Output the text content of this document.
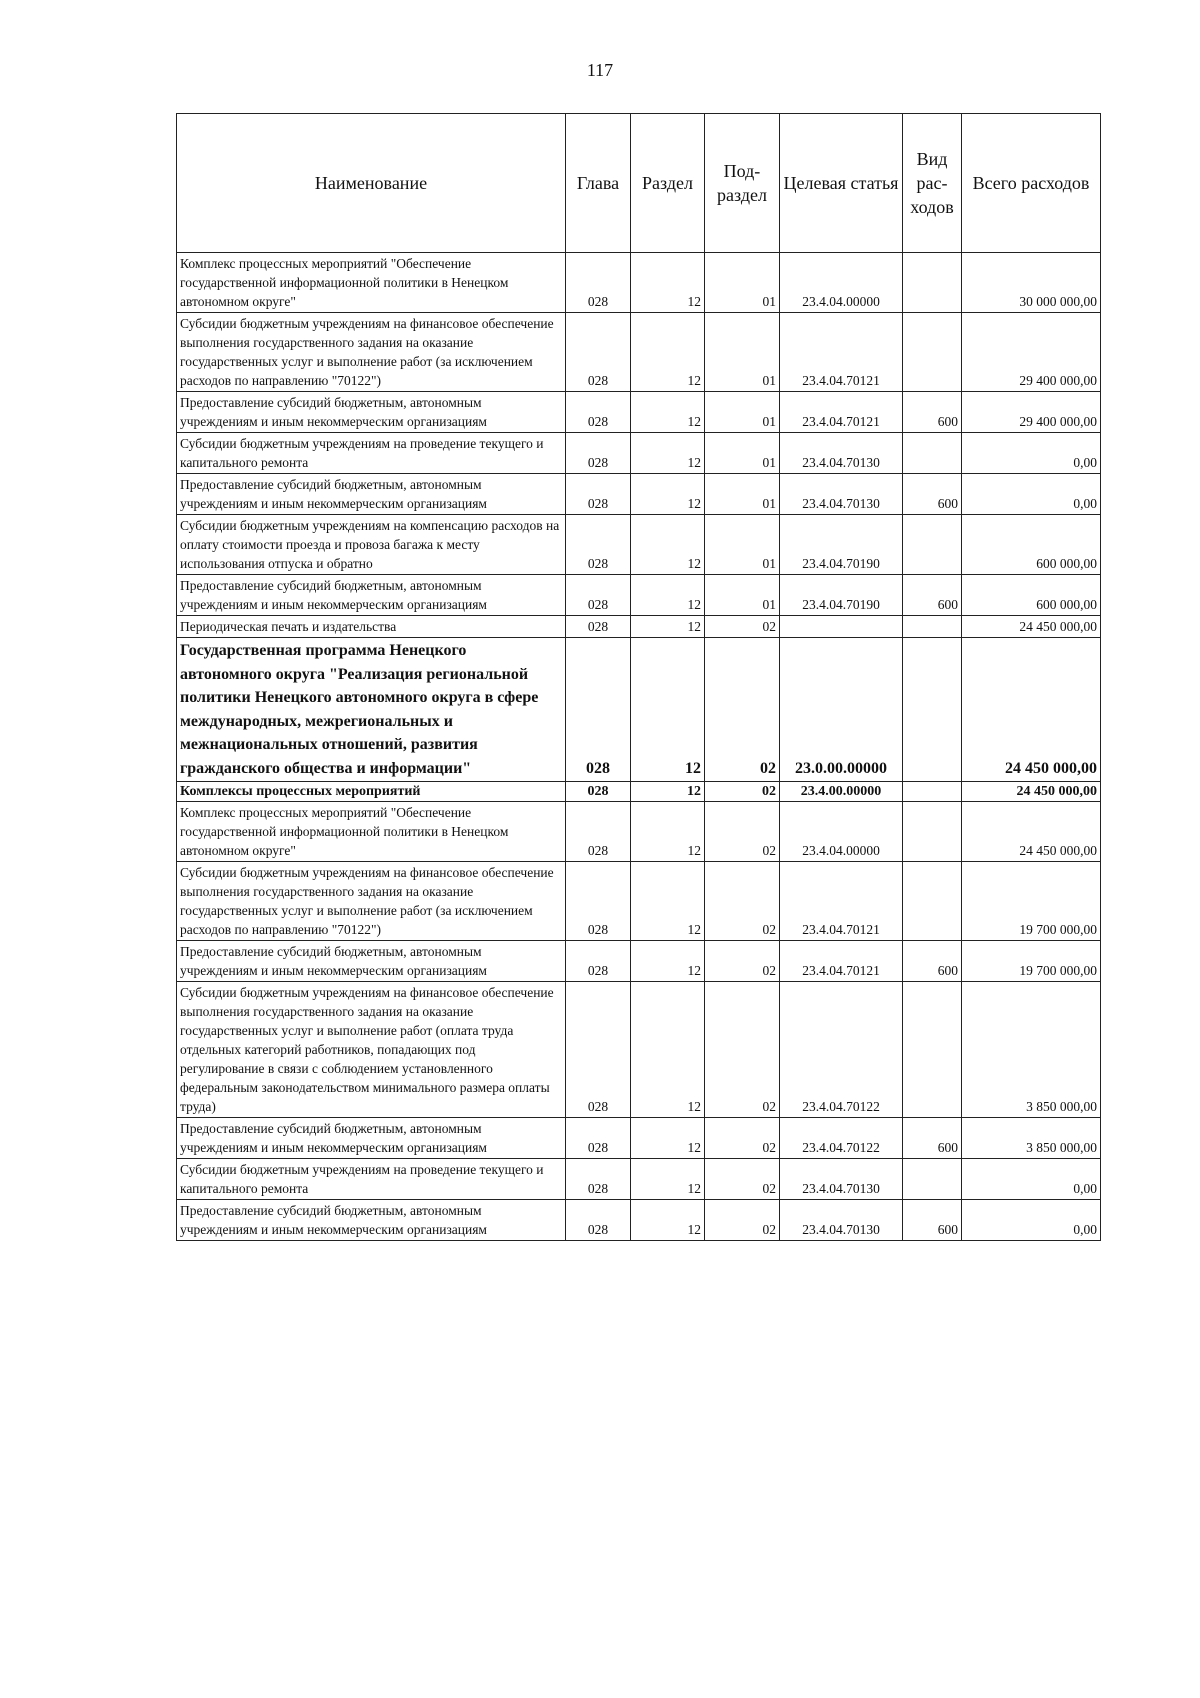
117
Наименование	Глава	Раздел	Под-раздел	Целевая статья	Вид рас-ходов	Всего расходов
Комплекс процессных мероприятий "Обеспечение государственной информационной политики в Ненецком автономном округе"	028	12	01	23.4.04.00000		30 000 000,00
Субсидии бюджетным учреждениям на финансовое обеспечение выполнения государственного задания на оказание государственных услуг и выполнение работ (за исключением расходов по направлению "70122")	028	12	01	23.4.04.70121		29 400 000,00
Предоставление субсидий бюджетным, автономным учреждениям и иным некоммерческим организациям	028	12	01	23.4.04.70121	600	29 400 000,00
Субсидии бюджетным учреждениям на проведение текущего и капитального ремонта	028	12	01	23.4.04.70130		0,00
Предоставление субсидий бюджетным, автономным учреждениям и иным некоммерческим организациям	028	12	01	23.4.04.70130	600	0,00
Субсидии бюджетным учреждениям на компенсацию расходов на оплату стоимости проезда и провоза багажа к месту использования отпуска и обратно	028	12	01	23.4.04.70190		600 000,00
Предоставление субсидий бюджетным, автономным учреждениям и иным некоммерческим организациям	028	12	01	23.4.04.70190	600	600 000,00
Периодическая печать и издательства	028	12	02			24 450 000,00
Государственная программа Ненецкого автономного округа "Реализация региональной политики Ненецкого автономного округа в сфере международных, межрегиональных и межнациональных отношений, развития гражданского общества и информации"	028	12	02	23.0.00.00000		24 450 000,00
Комплексы процессных мероприятий	028	12	02	23.4.00.00000		24 450 000,00
Комплекс процессных мероприятий "Обеспечение государственной информационной политики в Ненецком автономном округе"	028	12	02	23.4.04.00000		24 450 000,00
Субсидии бюджетным учреждениям на финансовое обеспечение выполнения государственного задания на оказание государственных услуг и выполнение работ (за исключением расходов по направлению "70122")	028	12	02	23.4.04.70121		19 700 000,00
Предоставление субсидий бюджетным, автономным учреждениям и иным некоммерческим организациям	028	12	02	23.4.04.70121	600	19 700 000,00
Субсидии бюджетным учреждениям на финансовое обеспечение выполнения государственного задания на оказание государственных услуг и выполнение работ (оплата труда отдельных категорий работников, попадающих под регулирование в связи с соблюдением установленного федеральным законодательством минимального размера оплаты труда)	028	12	02	23.4.04.70122		3 850 000,00
Предоставление субсидий бюджетным, автономным учреждениям и иным некоммерческим организациям	028	12	02	23.4.04.70122	600	3 850 000,00
Субсидии бюджетным учреждениям на проведение текущего и капитального ремонта	028	12	02	23.4.04.70130		0,00
Предоставление субсидий бюджетным, автономным учреждениям и иным некоммерческим организациям	028	12	02	23.4.04.70130	600	0,00
